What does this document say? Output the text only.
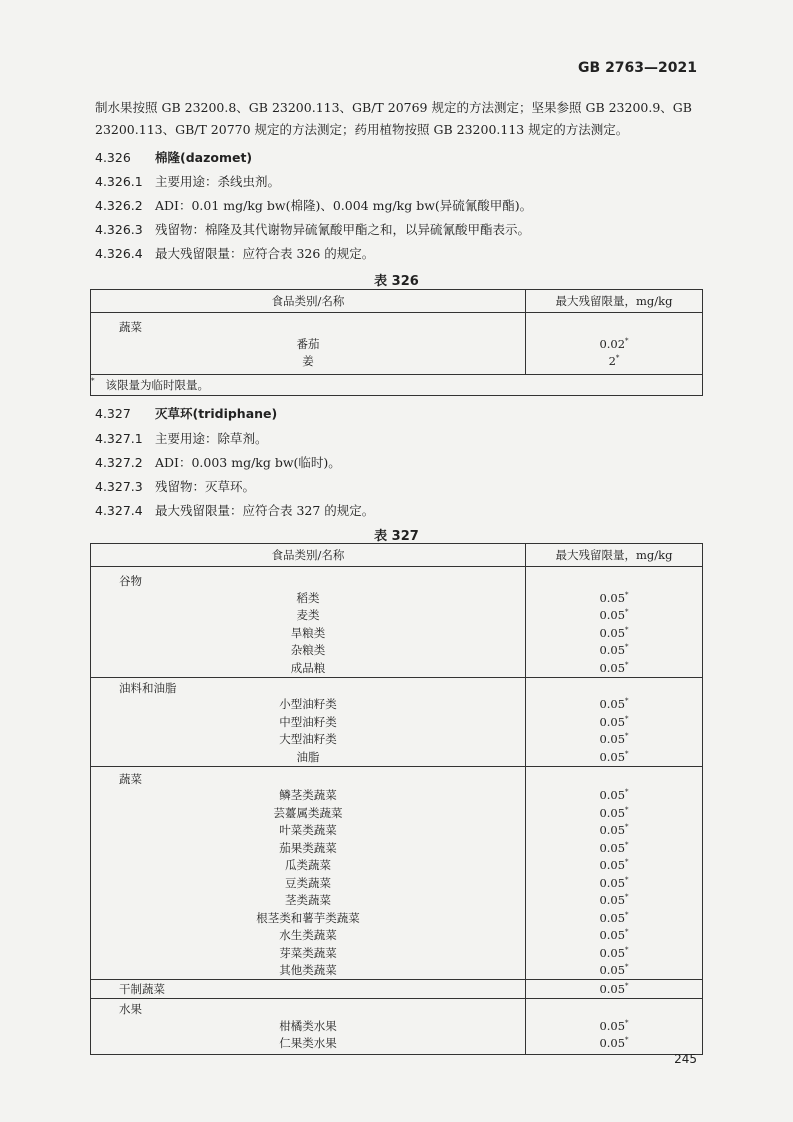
GB 2763—2021
制水果按照 GB 23200.8、GB 23200.113、GB/T 20769 规定的方法测定；坚果参照 GB 23200.9、GB
23200.113、GB/T 20770 规定的方法测定；药用植物按照 GB 23200.113 规定的方法测定。
4.326 棉隆(dazomet)
4.326.1 主要用途：杀线虫剂。
4.326.2 ADI：0.01 mg/kg bw(棉隆)、0.004 mg/kg bw(异硫氰酸甲酯)。
4.326.3 残留物：棉隆及其代谢物异硫氰酸甲酯之和，以异硫氰酸甲酯表示。
4.326.4 最大残留限量：应符合表 326 的规定。
表 326
食品类别/名称	最大残留限量，mg/kg
蔬菜	
番茄	0.02*
姜	2*
* 该限量为临时限量。	
4.327 灭草环(tridiphane)
4.327.1 主要用途：除草剂。
4.327.2 ADI：0.003 mg/kg bw(临时)。
4.327.3 残留物：灭草环。
4.327.4 最大残留限量：应符合表 327 的规定。
表 327
食品类别/名称	最大残留限量，mg/kg
谷物	
稻类	0.05*
麦类	0.05*
旱粮类	0.05*
杂粮类	0.05*
成品粮	0.05*
油料和油脂	
小型油籽类	0.05*
中型油籽类	0.05*
大型油籽类	0.05*
油脂	0.05*
蔬菜	
鳞茎类蔬菜	0.05*
芸薹属类蔬菜	0.05*
叶菜类蔬菜	0.05*
茄果类蔬菜	0.05*
瓜类蔬菜	0.05*
豆类蔬菜	0.05*
茎类蔬菜	0.05*
根茎类和薯芋类蔬菜	0.05*
水生类蔬菜	0.05*
芽菜类蔬菜	0.05*
其他类蔬菜	0.05*
干制蔬菜	0.05*
水果	
柑橘类水果	0.05*
仁果类水果	0.05*
245
